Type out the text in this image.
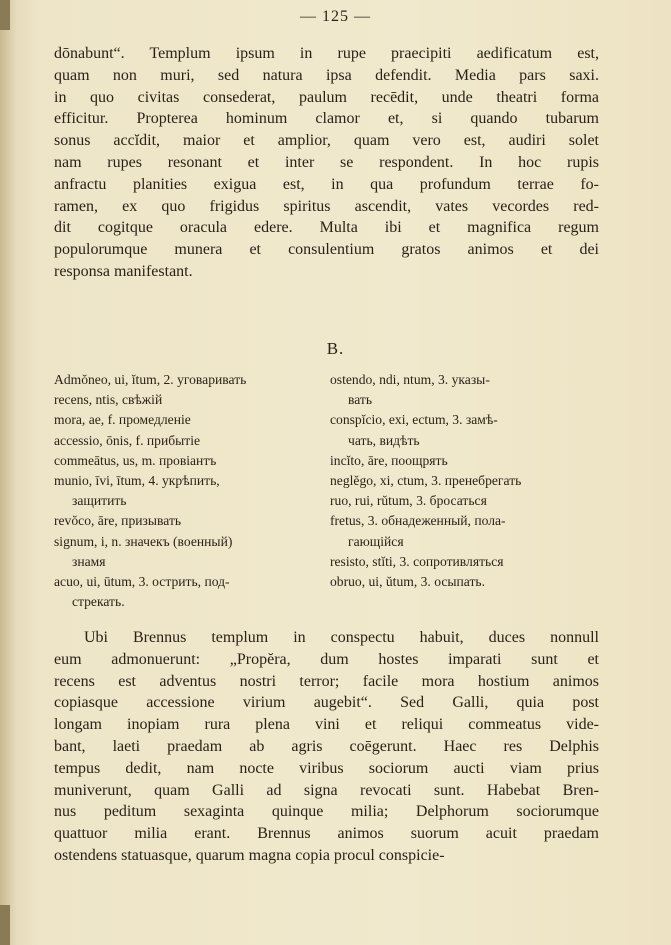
— 125 —
dōnabunt“. Templum ipsum in rupe praecipiti aedificatum est,
quam non muri, sed natura ipsa defendit. Media pars saxi.
in quo civitas consederat, paulum recēdit, unde theatri forma
efficitur. Propterea hominum clamor et, si quando tubarum
sonus accĭdit, maior et amplior, quam vero est, audiri solet
nam rupes resonant et inter se respondent. In hoc rupis
anfractu planities exigua est, in qua profundum terrae fo-
ramen, ex quo frigidus spiritus ascendit, vates vecordes red-
dit cogitque oracula edere. Multa ibi et magnifica regum
populorumque munera et consulentium gratos animos et dei
responsa manifestant.
B.
Admŏneo, ui, ĭtum, 2. уговаривать
recens, ntis, свѣжiй
mora, ae, f. промедленiе
accessio, ōnis, f. прибытiе
commeātus, us, m. провiантъ
munio, īvi, ītum, 4. укрѣпить,
защитить
revŏco, āre, призывать
signum, i, n. значекъ (военный)
знамя
acuo, ui, ūtum, 3. острить, под-
стрекать.
ostendo, ndi, ntum, 3. указы-
вать
conspĭcio, exi, ectum, 3. замѣ-
чать, видѣть
incĭto, āre, поощрять
neglĕgo, xi, ctum, 3. пренебрегать
ruo, rui, rŭtum, 3. бросаться
fretus, 3. обнадеженный, пола-
гающiйся
resisto, stĭti, 3. сопротивляться
obruo, ui, ŭtum, 3. осыпать.
Ubi Brennus templum in conspectu habuit, duces nonnull
eum admonuerunt: „Propĕra, dum hostes imparati sunt et
recens est adventus nostri terror; facile mora hostium animos
copiasque accessione virium augebit“. Sed Galli, quia post
longam inopiam rura plena vini et reliqui commeatus vide-
bant, laeti praedam ab agris coēgerunt. Haec res Delphis
tempus dedit, nam nocte viribus sociorum aucti viam prius
muniverunt, quam Galli ad signa revocati sunt. Habebat Bren-
nus peditum sexaginta quinque milia; Delphorum sociorumque
quattuor milia erant. Brennus animos suorum acuit praedam
ostendens statuasque, quarum magna copia procul conspicie-
